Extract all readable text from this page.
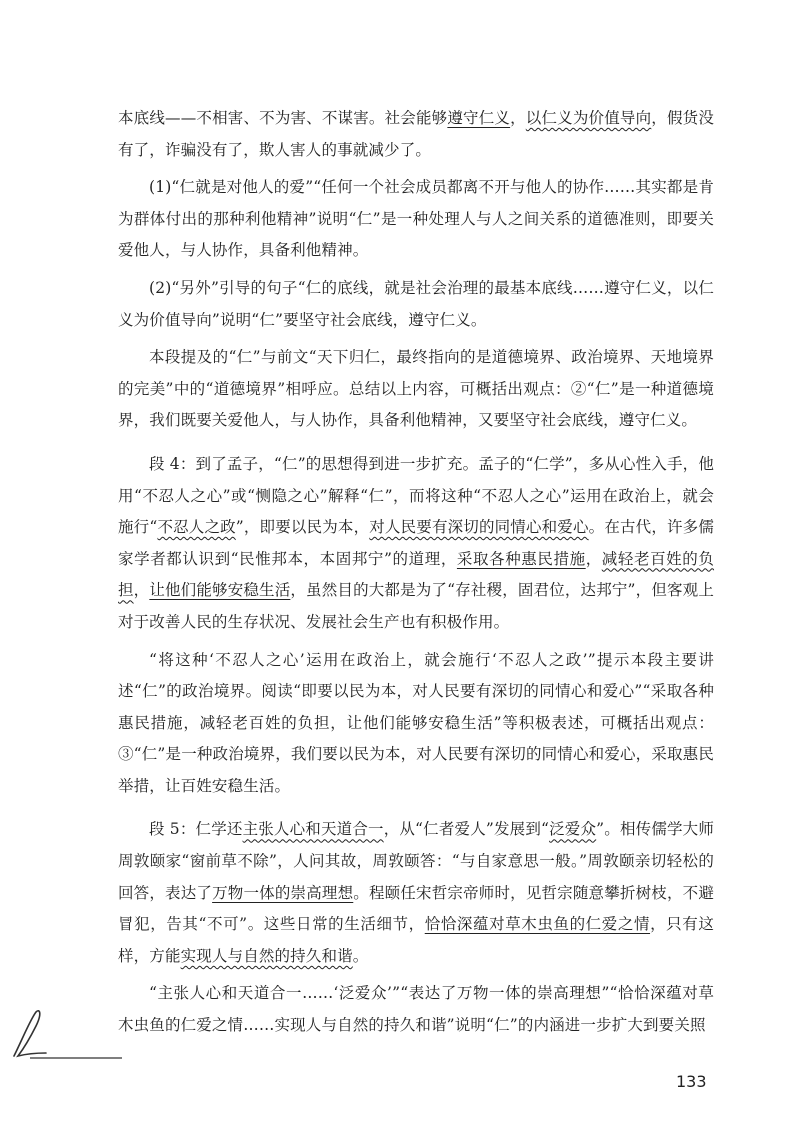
本底线——不相害、不为害、不谋害。社会能够遵守仁义，以仁义为价值导向，假货没有了，诈骗没有了，欺人害人的事就减少了。

(1)“仁就是对他人的爱”“任何一个社会成员都离不开与他人的协作……其实都是肯为群体付出的那种利他精神”说明“仁”是一种处理人与人之间关系的道德准则，即要关爱他人，与人协作，具备利他精神。

(2)“另外”引导的句子“仁的底线，就是社会治理的最基本底线……遵守仁义，以仁义为价值导向”说明“仁”要坚守社会底线，遵守仁义。

本段提及的“仁”与前文“天下归仁，最终指向的是道德境界、政治境界、天地境界的完美”中的“道德境界”相呼应。总结以上内容，可概括出观点：②“仁”是一种道德境界，我们既要关爱他人，与人协作，具备利他精神，又要坚守社会底线，遵守仁义。

段 4：到了孟子，“仁”的思想得到进一步扩充。孟子的“仁学”，多从心性入手，他用“不忍人之心”或“恻隐之心”解释“仁”，而将这种“不忍人之心”运用在政治上，就会施行“不忍人之政”，即要以民为本，对人民要有深切的同情心和爱心。在古代，许多儒家学者都认识到“民惟邦本，本固邦宁”的道理，采取各种惠民措施，减轻老百姓的负担，让他们能够安稳生活，虽然目的大都是为了“存社稷，固君位，达邦宁”，但客观上对于改善人民的生存状况、发展社会生产也有积极作用。

“将这种‘不忍人之心’运用在政治上，就会施行‘不忍人之政’”提示本段主要讲述“仁”的政治境界。阅读“即要以民为本，对人民要有深切的同情心和爱心”“采取各种惠民措施，减轻老百姓的负担，让他们能够安稳生活”等积极表述，可概括出观点：③“仁”是一种政治境界，我们要以民为本，对人民要有深切的同情心和爱心，采取惠民举措，让百姓安稳生活。

段 5：仁学还主张人心和天道合一，从“仁者爱人”发展到“泛爱众”。相传儒学大师周敦颐家“窗前草不除”，人问其故，周敦颐答：“与自家意思一般。”周敦颐亲切轻松的回答，表达了万物一体的崇高理想。程颐任宋哲宗帝师时，见哲宗随意攀折树枝，不避冒犯，告其“不可”。这些日常的生活细节，恰恰深蕴对草木虫鱼的仁爱之情，只有这样，方能实现人与自然的持久和谐。

“主张人心和天道合一……‘泛爱众’”“表达了万物一体的崇高理想”“恰恰深蕴对草木虫鱼的仁爱之情……实现人与自然的持久和谐”说明“仁”的内涵进一步扩大到要关照

133
